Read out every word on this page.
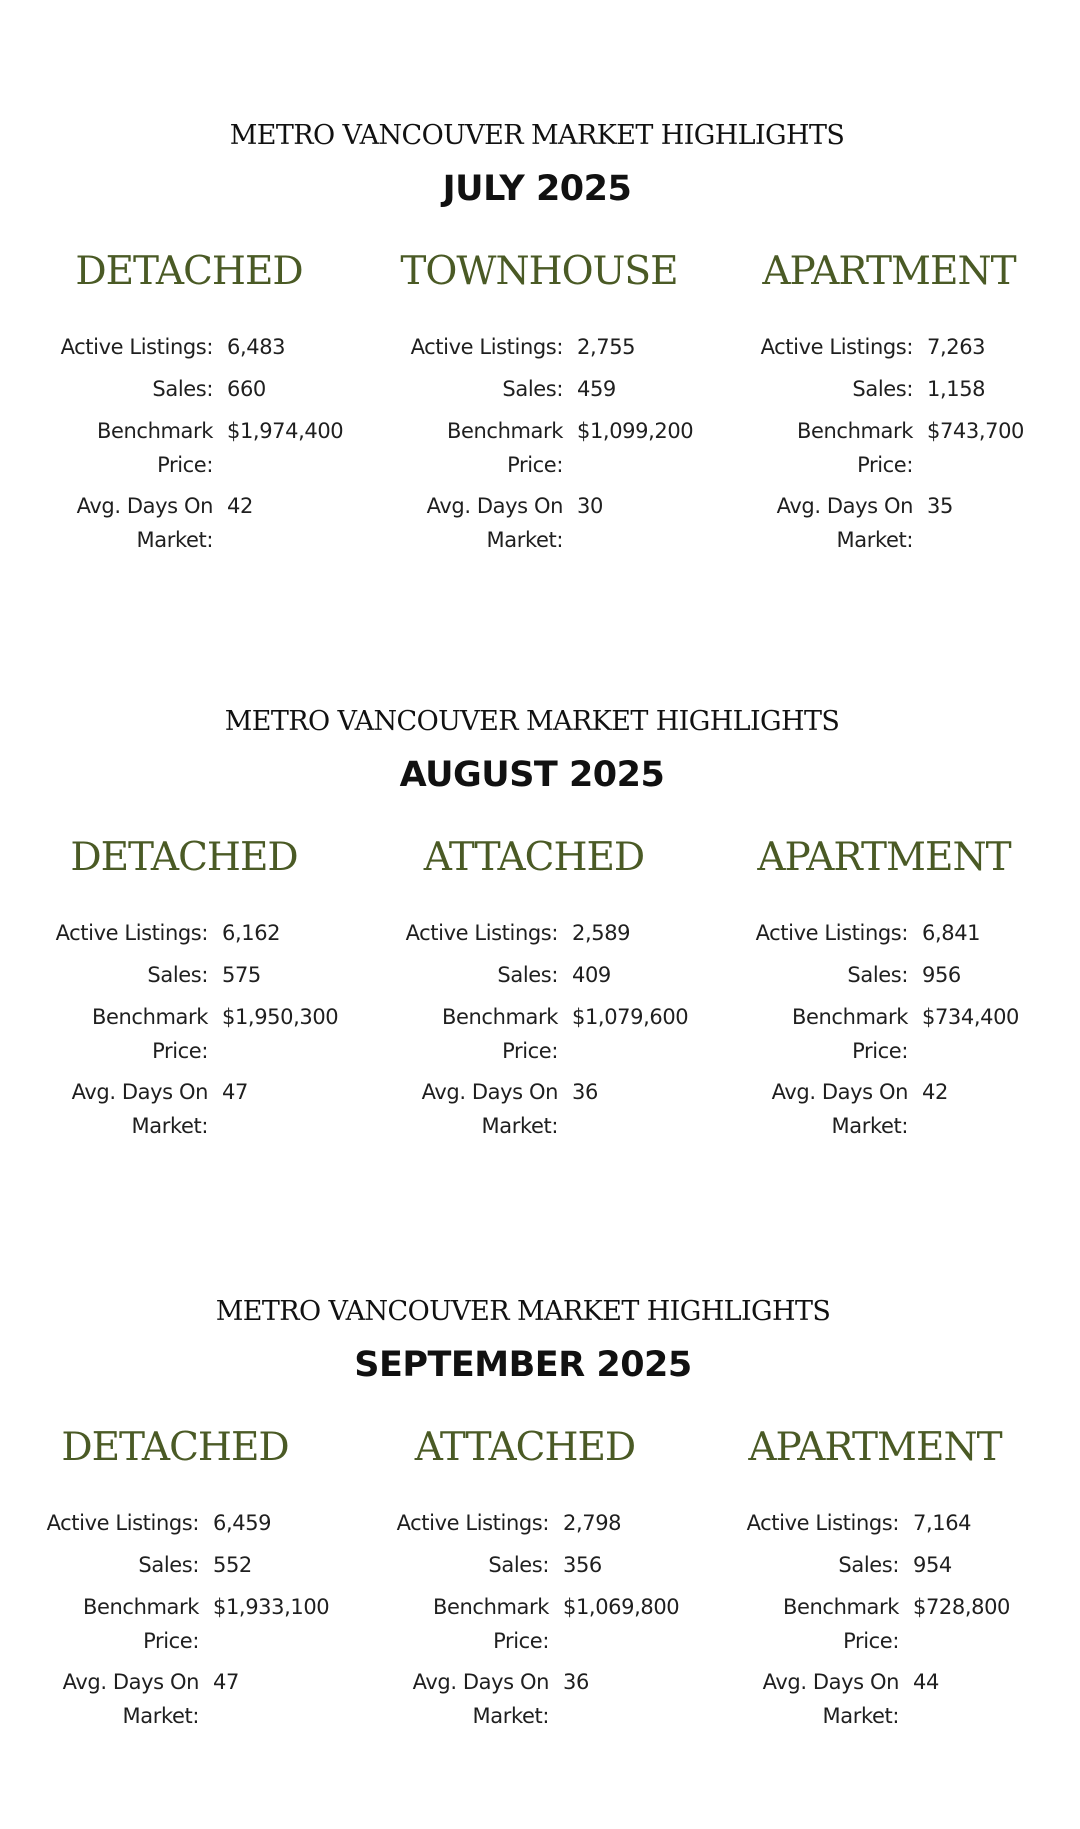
METRO VANCOUVER MARKET HIGHLIGHTS
JULY 2025
DETACHED
Active Listings: 6,483
Sales: 660
Benchmark
Price:
$1,974,400
Avg. Days On
Market:
42
TOWNHOUSE
Active Listings: 2,755
Sales: 459
Benchmark
Price:
$1,099,200
Avg. Days On
Market:
30
APARTMENT
Active Listings: 7,263
Sales: 1,158
Benchmark
Price:
$743,700
Avg. Days On
Market:
35
METRO VANCOUVER MARKET HIGHLIGHTS
AUGUST 2025
DETACHED
Active Listings: 6,162
Sales: 575
Benchmark
Price:
$1,950,300
Avg. Days On
Market:
47
ATTACHED
Active Listings: 2,589
Sales: 409
Benchmark
Price:
$1,079,600
Avg. Days On
Market:
36
APARTMENT
Active Listings: 6,841
Sales: 956
Benchmark
Price:
$734,400
Avg. Days On
Market:
42
METRO VANCOUVER MARKET HIGHLIGHTS
SEPTEMBER 2025
DETACHED
Active Listings: 6,459
Sales: 552
Benchmark
Price:
$1,933,100
Avg. Days On
Market:
47
ATTACHED
Active Listings: 2,798
Sales: 356
Benchmark
Price:
$1,069,800
Avg. Days On
Market:
36
APARTMENT
Active Listings: 7,164
Sales: 954
Benchmark
Price:
$728,800
Avg. Days On
Market:
44
